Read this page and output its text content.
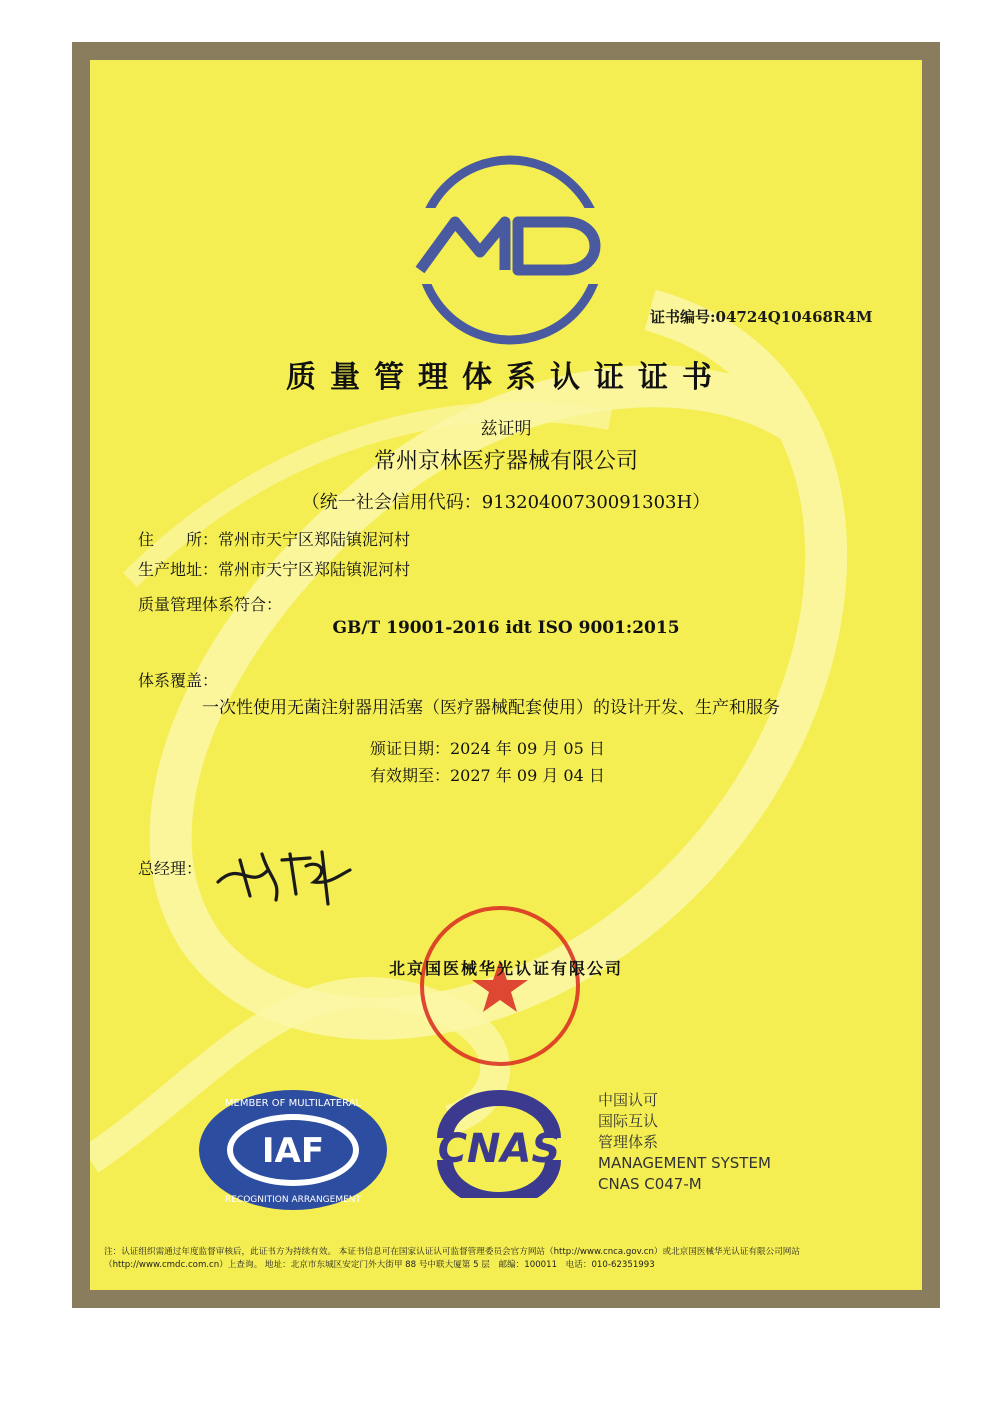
证书编号:04724Q10468R4M
质量管理体系认证证书
兹证明
常州京林医疗器械有限公司
（统一社会信用代码：91320400730091303H）
住　　所：常州市天宁区郑陆镇泥河村
生产地址：常州市天宁区郑陆镇泥河村
质量管理体系符合：
GB/T 19001-2016 idt ISO 9001:2015
体系覆盖：
一次性使用无菌注射器用活塞（医疗器械配套使用）的设计开发、生产和服务
颁证日期：2024 年 09 月 05 日
有效期至：2027 年 09 月 04 日
总经理：
北京国医械华光认证有限公司
IAF
MEMBER OF MULTILATERAL
RECOGNITION ARRANGEMENT
CNAS
中国认可
国际互认
管理体系
MANAGEMENT SYSTEM
CNAS C047-M
注：认证组织需通过年度监督审核后，此证书方为持续有效。 本证书信息可在国家认证认可监督管理委员会官方网站（http://www.cnca.gov.cn）或北京国医械华光认证有限公司网站（http://www.cmdc.com.cn）上查询。 地址：北京市东城区安定门外大街甲 88 号中联大厦第 5 层　邮编：100011　电话：010-62351993
